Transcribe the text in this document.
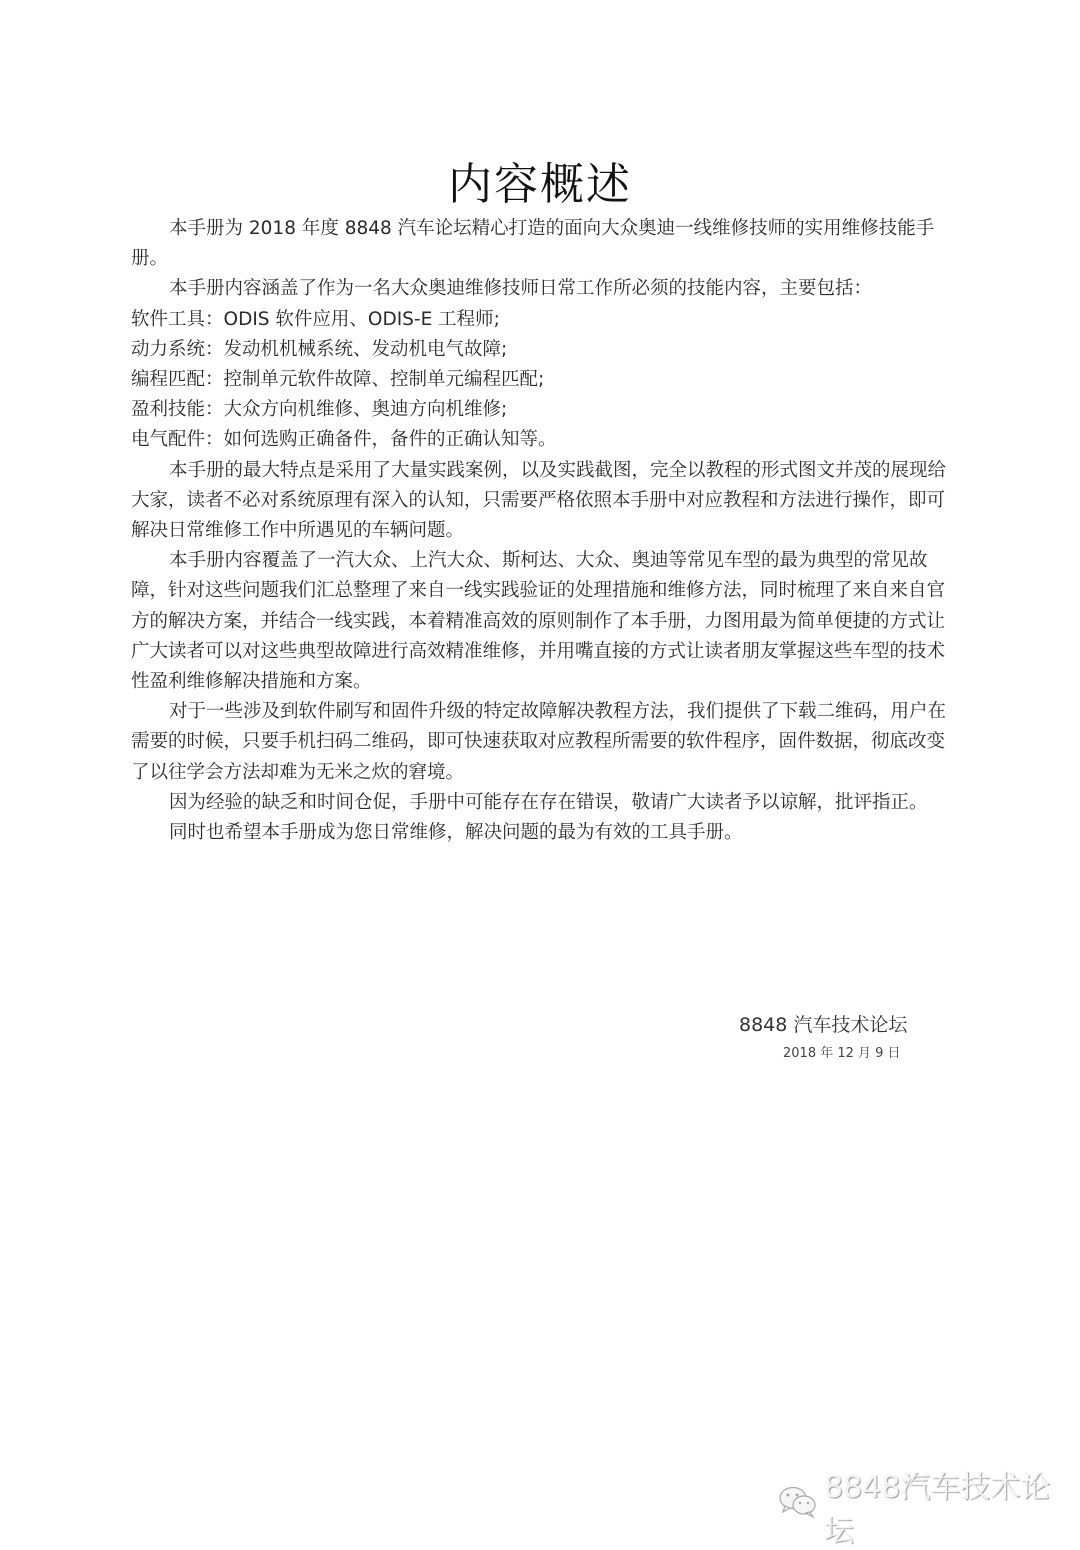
内容概述

本手册为 2018 年度 8848 汽车论坛精心打造的面向大众奥迪一线维修技师的实用维修技能手册。

本手册内容涵盖了作为一名大众奥迪维修技师日常工作所必须的技能内容，主要包括：

软件工具：ODIS 软件应用、ODIS-E 工程师;

动力系统：发动机机械系统、发动机电气故障;

编程匹配：控制单元软件故障、控制单元编程匹配;

盈利技能：大众方向机维修、奥迪方向机维修;

电气配件：如何选购正确备件，备件的正确认知等。

本手册的最大特点是采用了大量实践案例，以及实践截图，完全以教程的形式图文并茂的展现给大家，读者不必对系统原理有深入的认知，只需要严格依照本手册中对应教程和方法进行操作，即可解决日常维修工作中所遇见的车辆问题。

本手册内容覆盖了一汽大众、上汽大众、斯柯达、大众、奥迪等常见车型的最为典型的常见故障，针对这些问题我们汇总整理了来自一线实践验证的处理措施和维修方法，同时梳理了来自来自官方的解决方案，并结合一线实践，本着精准高效的原则制作了本手册，力图用最为简单便捷的方式让广大读者可以对这些典型故障进行高效精准维修，并用嘴直接的方式让读者朋友掌握这些车型的技术性盈利维修解决措施和方案。

对于一些涉及到软件刷写和固件升级的特定故障解决教程方法，我们提供了下载二维码，用户在需要的时候，只要手机扫码二维码，即可快速获取对应教程所需要的软件程序，固件数据，彻底改变了以往学会方法却难为无米之炊的窘境。

因为经验的缺乏和时间仓促，手册中可能存在存在错误，敬请广大读者予以谅解，批评指正。

同时也希望本手册成为您日常维修，解决问题的最为有效的工具手册。

8848 汽车技术论坛
2018 年 12 月 9 日
8848汽车技术论坛
